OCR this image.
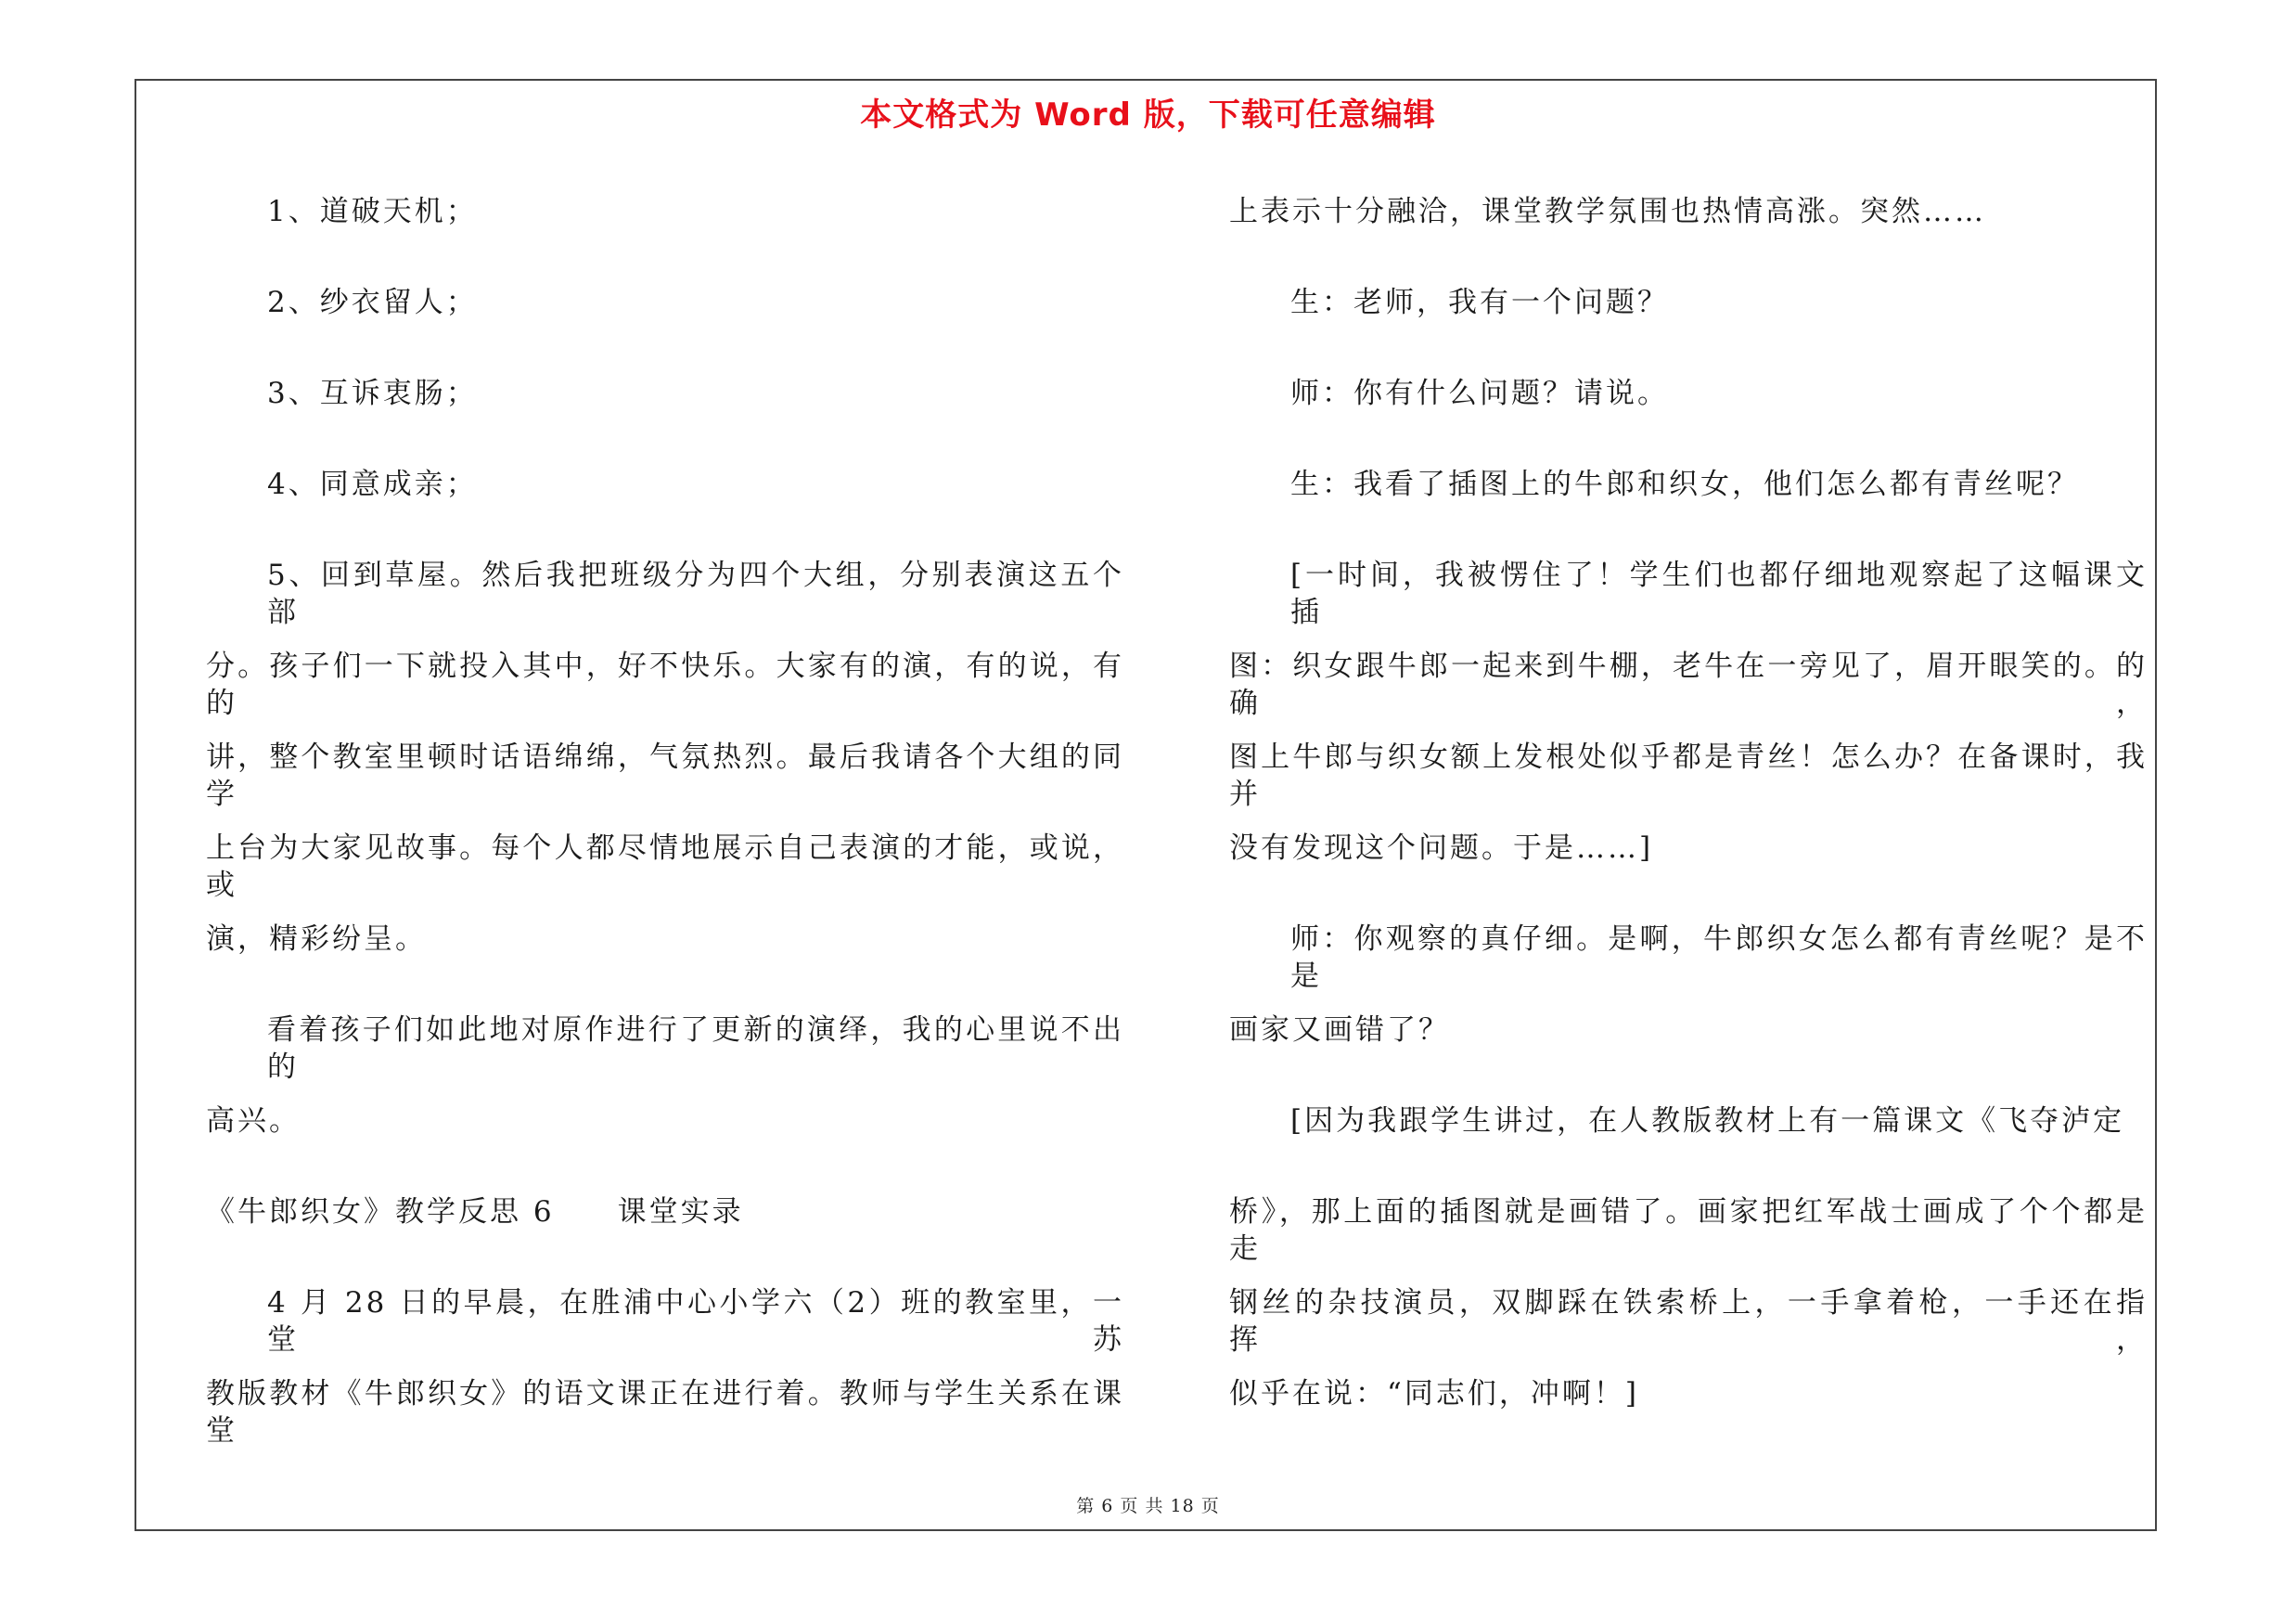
本文格式为 Word 版，下载可任意编辑
1、道破天机；
2、纱衣留人；
3、互诉衷肠；
4、同意成亲；
5、回到草屋。然后我把班级分为四个大组，分别表演这五个部
分。孩子们一下就投入其中，好不快乐。大家有的演，有的说，有的
讲，整个教室里顿时话语绵绵，气氛热烈。最后我请各个大组的同学
上台为大家见故事。每个人都尽情地展示自己表演的才能，或说，或
演，精彩纷呈。
看着孩子们如此地对原作进行了更新的演绎，我的心里说不出的
高兴。
《牛郎织女》教学反思 6　　课堂实录
4 月 28 日的早晨，在胜浦中心小学六（2）班的教室里，一堂苏
教版教材《牛郎织女》的语文课正在进行着。教师与学生关系在课堂
上表示十分融洽，课堂教学氛围也热情高涨。突然……
生：老师，我有一个问题？
师：你有什么问题？请说。
生：我看了插图上的牛郎和织女，他们怎么都有青丝呢？
[一时间，我被愣住了！学生们也都仔细地观察起了这幅课文插
图：织女跟牛郎一起来到牛棚，老牛在一旁见了，眉开眼笑的。的确，
图上牛郎与织女额上发根处似乎都是青丝！怎么办？在备课时，我并
没有发现这个问题。于是……]
师：你观察的真仔细。是啊，牛郎织女怎么都有青丝呢？是不是
画家又画错了？
[因为我跟学生讲过，在人教版教材上有一篇课文《飞夺泸定
桥》，那上面的插图就是画错了。画家把红军战士画成了个个都是走
钢丝的杂技演员，双脚踩在铁索桥上，一手拿着枪，一手还在指挥，
似乎在说：“同志们，冲啊！]
第 6 页 共 18 页
